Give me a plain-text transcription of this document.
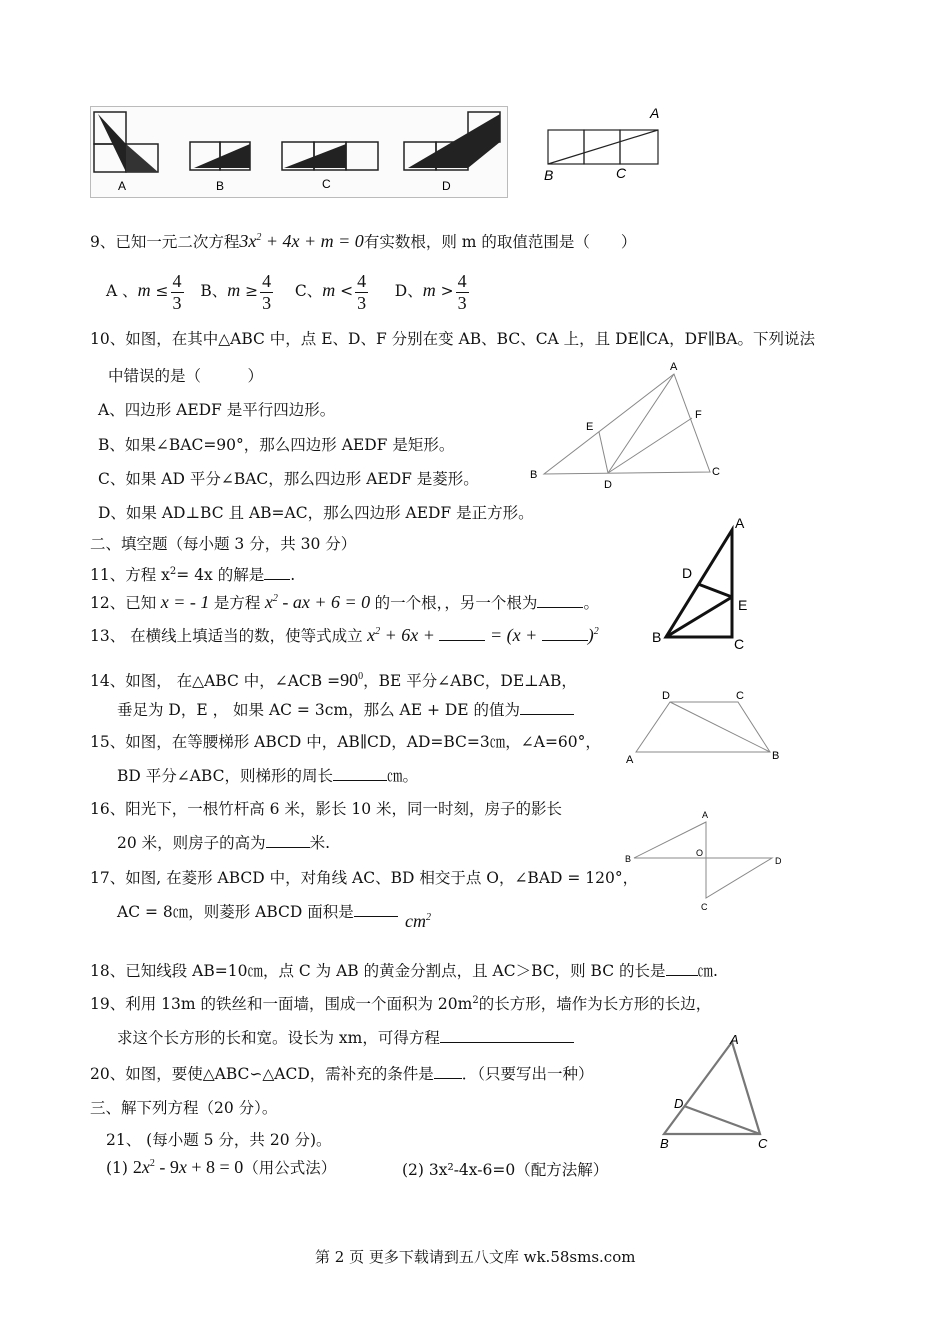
A	B	C	D
A
B	C
9、已知一元二次方程$3x^2 + 4x + m = 0$有实数根，则 m 的取值范围是（　　）
A 、$m \le \frac{4}{3}$ B、$m \ge \frac{4}{3}$ C、$m < \frac{4}{3}$ D、$m > \frac{4}{3}$
10、如图，在其中△ABC 中，点 E、D、F 分别在变 AB、BC、CA 上，且 DE∥CA，DF∥BA。下列说法
中错误的是（　　　）
A、四边形 AEDF 是平行四边形。
B、如果∠BAC=90°，那么四边形 AEDF 是矩形。
C、如果 AD 平分∠BAC，那么四边形 AEDF 是菱形。
D、如果 AD⊥BC 且 AB=AC，那么四边形 AEDF 是正方形。
A
E
F
B
D
C
二、填空题（每小题 3 分，共 30 分）
11、方程 $x^2= 4x$ 的解是 .
12、已知 x = - 1 是方程 $x^2$ - ax + 6 = 0 的一个根，，另一个根为	。
13、 在横线上填适当的数，使等式成立 $x^2 + 6x$ +	= (x +	)$^2$
A
D
E
B	C
14、如图， 在△ABC 中，∠ACB $=90^0$，BE 平分∠ABC，DE⊥AB，
垂足为 D，E ， 如果 AC = 3cm，那么 AE + DE 的值为
D	C
A	B
15、如图，在等腰梯形 ABCD 中，AB∥CD，AD=BC=3㎝，∠A=60°，
BD 平分∠ABC，则梯形的周长	㎝。
16、阳光下，一根竹杆高 6 米，影长 10 米，同一时刻，房子的影长
20 米，则房子的高为	米.
A
B
O
D
C
17、如图, 在菱形 ABCD 中，对角线 AC、BD 相交于点 O，∠BAD = 120°，
AC = 8㎝，则菱形 ABCD 面积是	$cm^2$
18、已知线段 AB=10㎝，点 C 为 AB 的黄金分割点，且 AC＞BC，则 BC 的长是 ㎝.
19、利用 13m 的铁丝和一面墙，围成一个面积为 $20m^2$的长方形，墙作为长方形的长边，
求这个长方形的长和宽。设长为 xm，可得方程	A
D
B	C
20、如图，要使△ABC∽△ACD，需补充的条件是 ．（只要写出一种）
三、解下列方程（20 分）。
21、 (每小题 5 分，共 20 分)。
(1) $2x^2 - 9x + 8 = 0$（用公式法）	(2) 3x²-4x-6=0（配方法解）
第 2 页 更多下载请到五八文库 wk.58sms.com
